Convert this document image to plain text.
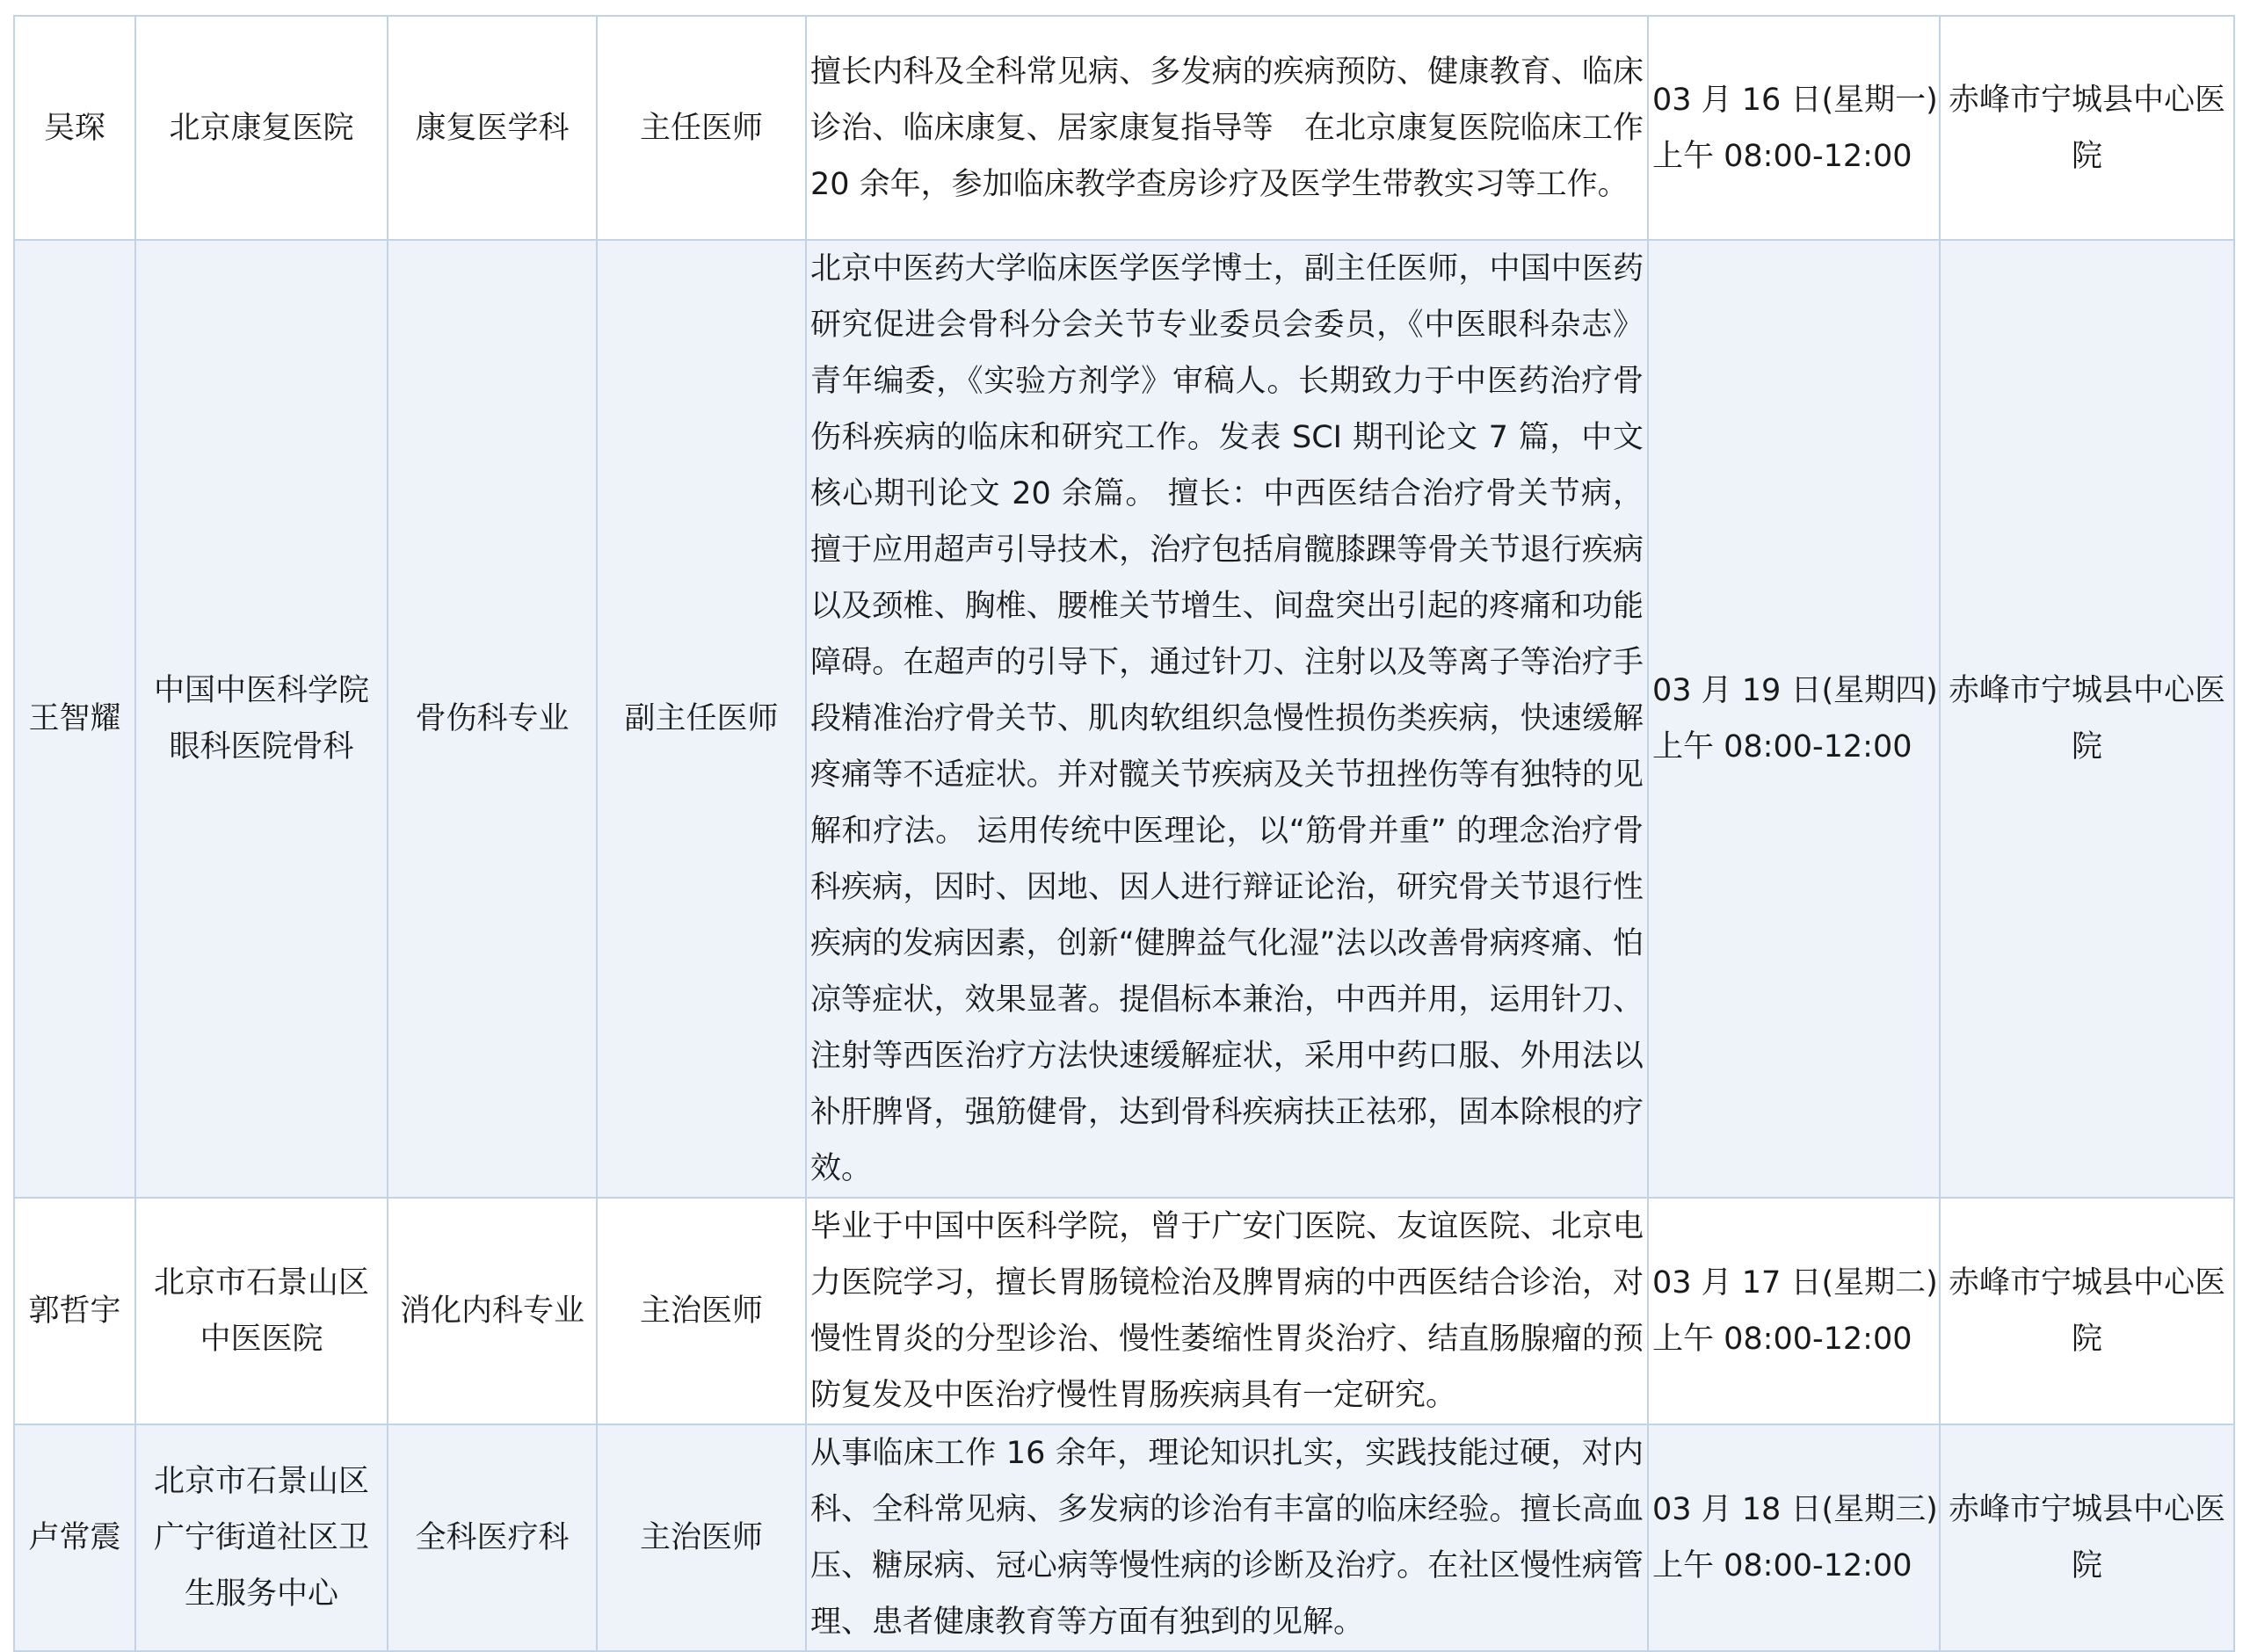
吴琛	北京康复医院	康复医学科	主任医师	擅长内科及全科常见病、多发病的疾病预防、健康教育、临床诊治、临床康复、居家康复指导等　在北京康复医院临床工作 20 余年，参加临床教学查房诊疗及医学生带教实习等工作。	03 月 16 日(星期一)
上午 08:00-12:00	赤峰市宁城县中心医院
王智耀	中国中医科学院眼科医院骨科	骨伤科专业	副主任医师	北京中医药大学临床医学医学博士，副主任医师，中国中医药研究促进会骨科分会关节专业委员会委员，《中医眼科杂志》青年编委，《实验方剂学》审稿人。长期致力于中医药治疗骨伤科疾病的临床和研究工作。发表 SCI 期刊论文 7 篇，中文核心期刊论文 20 余篇。 擅长：中西医结合治疗骨关节病，擅于应用超声引导技术，治疗包括肩髋膝踝等骨关节退行疾病以及颈椎、胸椎、腰椎关节增生、间盘突出引起的疼痛和功能障碍。在超声的引导下，通过针刀、注射以及等离子等治疗手段精准治疗骨关节、肌肉软组织急慢性损伤类疾病，快速缓解疼痛等不适症状。并对髋关节疾病及关节扭挫伤等有独特的见解和疗法。 运用传统中医理论，以“筋骨并重” 的理念治疗骨科疾病，因时、因地、因人进行辩证论治，研究骨关节退行性疾病的发病因素，创新“健脾益气化湿”法以改善骨病疼痛、怕凉等症状，效果显著。提倡标本兼治，中西并用，运用针刀、注射等西医治疗方法快速缓解症状，采用中药口服、外用法以补肝脾肾，强筋健骨，达到骨科疾病扶正祛邪，固本除根的疗效。	03 月 19 日(星期四)
上午 08:00-12:00	赤峰市宁城县中心医院
郭哲宇	北京市石景山区中医医院	消化内科专业	主治医师	毕业于中国中医科学院，曾于广安门医院、友谊医院、北京电力医院学习，擅长胃肠镜检治及脾胃病的中西医结合诊治，对慢性胃炎的分型诊治、慢性萎缩性胃炎治疗、结直肠腺瘤的预防复发及中医治疗慢性胃肠疾病具有一定研究。	03 月 17 日(星期二)
上午 08:00-12:00	赤峰市宁城县中心医院
卢常震	北京市石景山区广宁街道社区卫生服务中心	全科医疗科	主治医师	从事临床工作 16 余年，理论知识扎实，实践技能过硬，对内科、全科常见病、多发病的诊治有丰富的临床经验。擅长高血压、糖尿病、冠心病等慢性病的诊断及治疗。在社区慢性病管理、患者健康教育等方面有独到的见解。	03 月 18 日(星期三)
上午 08:00-12:00	赤峰市宁城县中心医院
